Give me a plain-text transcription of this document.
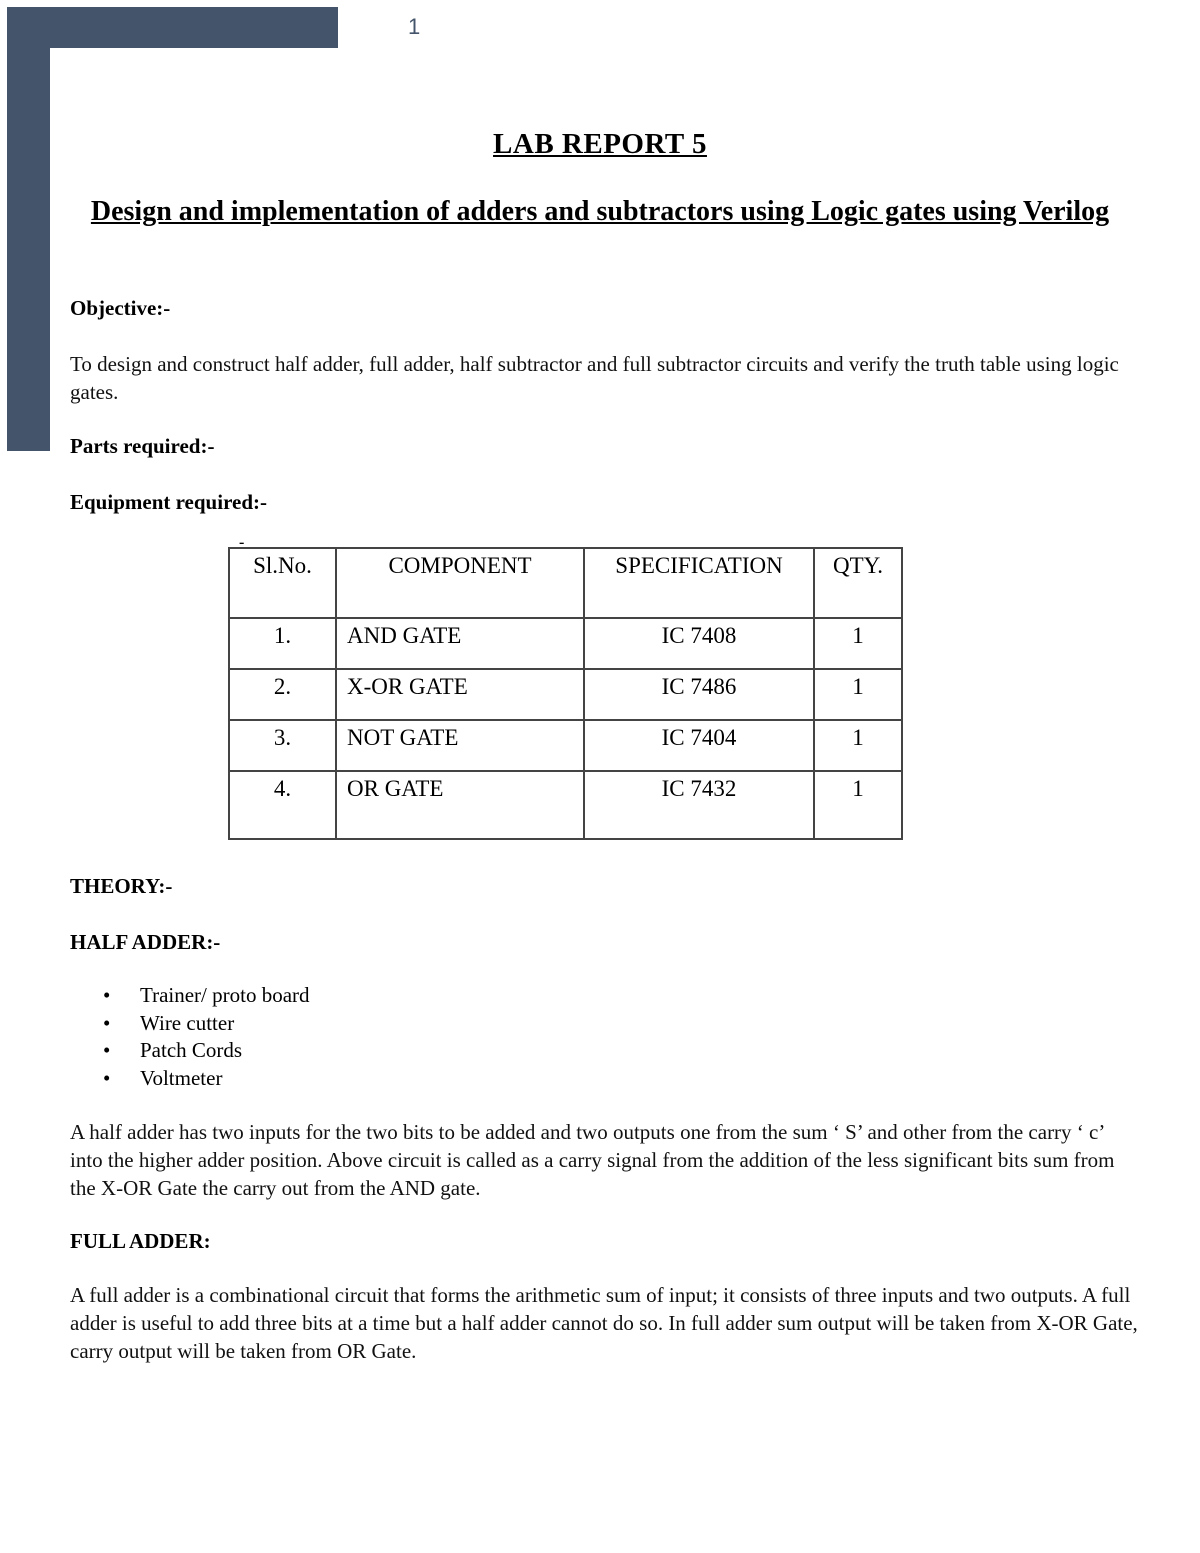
1
LAB REPORT 5
Design and implementation of adders and subtractors using Logic gates using Verilog
Objective:-
To design and construct half adder, full adder, half subtractor and full subtractor circuits and verify the truth table using logic gates.
Parts required:-
Equipment required:-
-
Sl.No.	COMPONENT	SPECIFICATION	QTY.
1.	AND GATE	IC 7408	1
2.	X-OR GATE	IC 7486	1
3.	NOT GATE	IC 7404	1
4.	OR GATE	IC 7432	1
THEORY:-
HALF ADDER:-
• Trainer/ proto board
• Wire cutter
• Patch Cords
• Voltmeter
A half adder has two inputs for the two bits to be added and two outputs one from the sum ‘ S’ and other from the carry ‘ c’ into the higher adder position. Above circuit is called as a carry signal from the addition of the less significant bits sum from the X-OR Gate the carry out from the AND gate.
FULL ADDER:
A full adder is a combinational circuit that forms the arithmetic sum of input; it consists of three inputs and two outputs. A full adder is useful to add three bits at a time but a half adder cannot do so. In full adder sum output will be taken from X-OR Gate, carry output will be taken from OR Gate.
